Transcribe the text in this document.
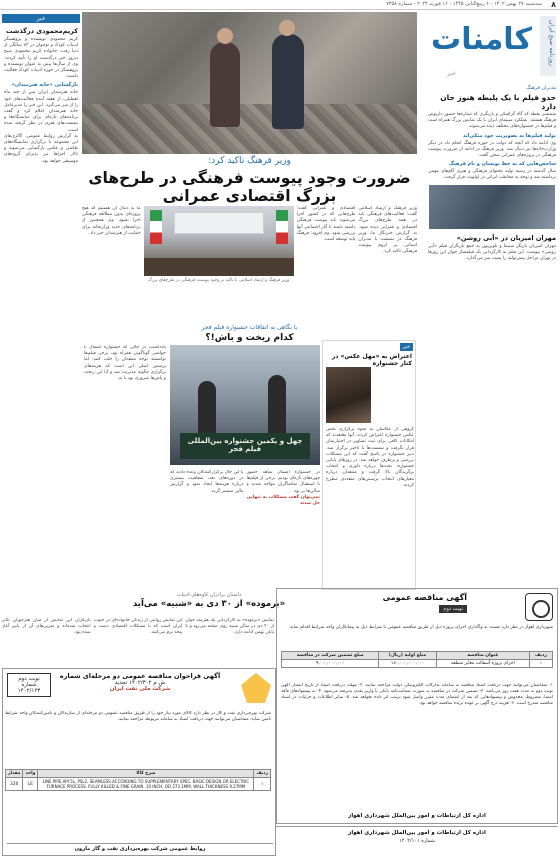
۸
سه‌شنبه ۲۷ بهمن ۱۴۰۲ - ۶ ربیع‌الثانی ۱۴۴۵ - ۱۶ فوریه ۲۰۲۴ - شماره ۷۳۵۸
روزنامه صبح ایران
کامنات
خبر
خبر
کریم‌محمودی درگذشت
کریم محمودی نویسنده و پژوهشگر ادبیات کودک و نوجوان در ۷۳ سالگی از دنیا رفت. خانواده کریم محمودی صبح دیروز خبر درگذشت او را تأیید کردند. وی از سال‌ها پیش به عنوان نویسنده و پژوهشگر در حوزه ادبیات کودک فعالیت داشت.
بازگشایی «خانه هنرمندان»
خانه هنرمندان ایران پس از چند ماه تعطیلی، از هفته آینده فعالیت‌های خود را از سر می‌گیرد. این خبر را مدیرعامل خانه هنرمندان اعلام کرد و گفت برنامه‌های تازه‌ای برای نمایشگاه‌ها و نشست‌های هنری در نظر گرفته شده است.
به گزارش روابط عمومی، گالری‌های این مجموعه با برگزاری نمایشگاه‌های نقاشی و عکس بازگشایی می‌شوند و تالار اجراها نیز پذیرای گروه‌های موسیقی خواهد بود.
مدیران فرهنگ
حدو فیلم با یک پلیطه هنوز جان دارد
شمشیر نقطه که گاه گرافیکی و بازیگری که ستاره‌ها حضور داریوش فرهنگ هستند. عملکرد سینمای ایران با یک نمایش بزرگ همراه است و فیلم‌ها در جشنواره‌های مختلف دیده می‌شوند.
تولید فیلم‌ها به تصویرنت خود متکی‌اند
وی ادامه داد که آنچه که دولت در حوزه فرهنگ انجام داد در دیگر وزارت‌خانه‌ها نیز دنبال شد. وزیر فرهنگ در ادامه از ضرورت پیوست فرهنگی در پروژه‌های عمرانی سخن گفت.
شاخص‌هایی که به خط نویسان و نام فرهنگ
سال گذشته در زمینه تولید محتوای فرهنگی و هنری گام‌های مهمی برداشته شد و توجه به مخاطب ایرانی در اولویت قرار گرفت.
مهران امیریان در «آبی روشن»
مهران امیریان بازیگر سینما و تلویزیون به جمع بازیگران فیلم «آبی روشن» پیوست. این فیلم به کارگردانی یک فیلمساز جوان این روزها در تهران مراحل پیش‌تولید را پشت سر می‌گذارد.
وزیر فرهنگ تاکید کرد:
ضرورت وجود پیوست فرهنگی در طرح‌های بزرگ اقتصادی عمرانی
وزیر فرهنگ و ارشاد اسلامی گفت: فعالیت‌های فرهنگی باید در همه طرح‌های بزرگ اقتصادی و عمرانی دیده شود. به گزارش خبرنگار ما، وزیر فرهنگ در نشست با مدیران استانی بر لزوم پیوست فرهنگی تاکید کرد.
اقتصادی و عمرانی گفت: طرح‌هایی که در کشور اجرا می‌شوند باید پیوست فرهنگی داشته باشند تا آثار اجتماعی آنها بررسی شود. وی افزود: فرهنگ پایه توسعه است.
وزیر فرهنگ و ارشاد اسلامی با تاکید بر وجود پیوست فرهنگی در طرح‌های بزرگ
ما به دنبال آن هستیم که هیچ پروژه‌ای بدون مطالعه فرهنگی اجرا نشود. وی همچنین از برنامه‌های جدید وزارتخانه برای حمایت از هنرمندان خبر داد.
با نگاهی به اتفاقات جشنواره فیلم فجر
کدام ریخت و باش!؟
یادداشت، در حالی که جشنواره امسال با حواشی گوناگونی همراه بود، برخی فیلم‌ها توانستند توجه منتقدان را جلب کنند. اما پرسش اصلی این است که هزینه‌های برگزاری چگونه مدیریت شد و آیا این ریخت و پاش‌ها ضروری بود یا نه.
چهل و یکمین جشنواره بین‌المللی فیلم فجر
در جشنواره امسال شاهد حضور چهره‌های تازه‌ای بودیم. برخی از فیلم‌ها با استقبال تماشاگران مواجه شدند و سالن‌ها پر بود.
نمی‌توان گفت مشکلات به تنهایی حل شدند
با این حال برگزارکنندگان وعده دادند که در دوره‌های بعد، شفافیت بیشتری درباره هزینه‌ها ایجاد شود و گزارش مالی منتشر گردد.
خبر
اعتراض به «مهل عکس» در کنار جشنواره
گروهی از عکاسان به نحوه برگزاری بخش عکس جشنواره اعتراض کردند. آنها معتقدند که امکانات کافی برای ثبت تصاویر در اختیارشان قرار نگرفت و نشست‌ها با تاخیر برگزار شد. دبیر جشنواره در پاسخ گفت که این مشکلات بررسی و برطرف خواهد شد. در روزهای پایانی جشنواره، بحث‌ها درباره داوری و انتخاب برگزیدگان بالا گرفت و منتقدان درباره معیارهای انتخاب پرسش‌های متعددی مطرح کردند.
داستان برادران کاوه‌های ادبیات
«برموده» از ۳۰ دی به «شبیه» می‌آید
نمایش «برموده» به کارگردانی یک هنرمند جوان از ۳۰ دی در سالن شبیه روی صحنه می‌رود و تا پایان بهمن ادامه دارد.
این نمایش روایتی از زندگی خانواده‌ای در جنوب ایران است که با مشکلات اقتصادی دست و پنجه نرم می‌کنند.
بازیگران این نمایش از میان هنرجویان تئاتر انتخاب شده‌اند و تمرین‌های آن از پاییز آغاز شده بود.
آگهی مناقصه عمومی
نوبت دوم
شهرداری اهواز در نظر دارد نسبت به واگذاری اجرای پروژه ذیل از طریق مناقصه عمومی با شرایط ذیل به پیمانکاران واجد شرایط اقدام نماید.
ردیف	عنوان مناقصه	مبلغ اولیه (ریال)	مبلغ تضمین شرکت در مناقصه
۱	اجرای پروژه آسفالت معابر منطقه	۱۸۰,۰۰۰,۰۰۰,۰۰۰	۹,۰۰۰,۰۰۰,۰۰۰
۱- متقاضیان می‌توانند جهت دریافت اسناد مناقصه به سامانه تدارکات الکترونیکی دولت مراجعه نمایند. ۲- مهلت دریافت اسناد از تاریخ انتشار آگهی نوبت دوم به مدت هفت روز می‌باشد. ۳- تضمین شرکت در مناقصه به صورت ضمانت‌نامه بانکی یا واریز نقدی پذیرفته می‌شود. ۴- به پیشنهادهای فاقد امضا، مشروط، مخدوش و پیشنهادهایی که بعد از انقضای مدت مقرر واصل شود ترتیب اثر داده نخواهد شد. ۵- سایر اطلاعات و جزئیات در اسناد مناقصه مندرج است. ۶- هزینه درج آگهی بر عهده برنده مناقصه خواهد بود.
اداره کل ارتباطات و امور بین‌الملل شهرداری اهواز
نوبت دوم
شماره ۱۴۰۲/۱۲۳
آگهی فراخوان مناقصه عمومی دو مرحله‌ای شماره
ش م ۱۴۰۲/۳۰۲ تجدید
شرکت ملی نفت ایران
شرکت بهره‌برداری نفت و گاز در نظر دارد کالای مورد نیاز خود را از طریق مناقصه عمومی دو مرحله‌ای از سازندگان و تامین‌کنندگان واجد شرایط تامین نماید. متقاضیان می‌توانند جهت دریافت اسناد به سامانه مربوطه مراجعه نمایند.
ردیف	شرح کالا	واحد	مقدار
۱	LINE PIPE,API 5L, PSL2, SEAMLESS ACCORDING TO SUPPLEMENTARY SPEC. BASIC DESIGN OR ELECTRIC FURNACE PROCESS, FULLY KILLED & FINE GRAIN. 10 INCH, OD 273.1MM, WALL THICKNESS 9.27MM	LE	320
روابط عمومی شرکت بهره‌برداری نفت و گاز مارون
اداره کل ارتباطات و امور بین‌الملل شهرداری اهواز
شماره ۱۴۰۲/۱۰۱
